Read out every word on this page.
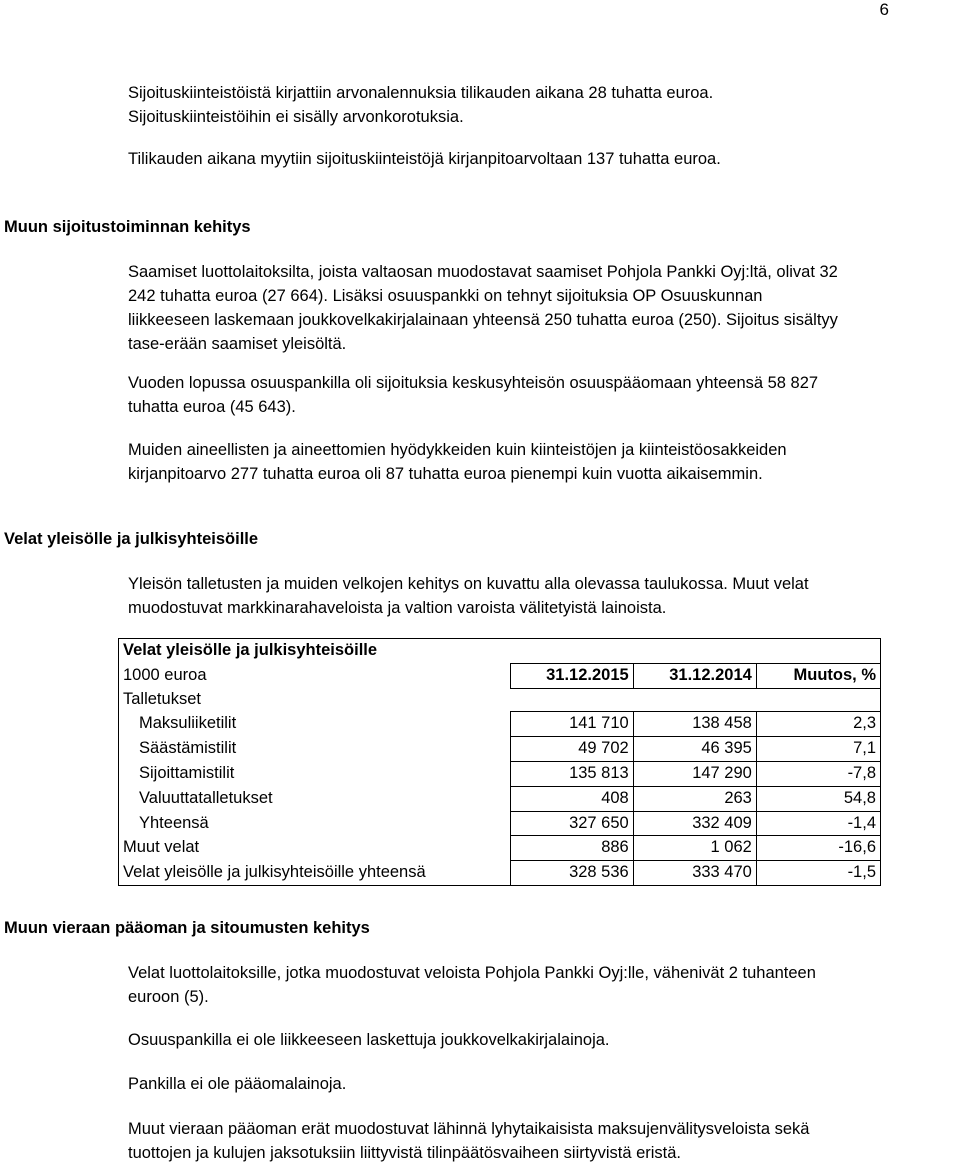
6

Sijoituskiinteistöistä kirjattiin arvonalennuksia tilikauden aikana 28 tuhatta euroa.
Sijoituskiinteistöihin ei sisälly arvonkorotuksia.

Tilikauden aikana myytiin sijoituskiinteistöjä kirjanpitoarvoltaan 137 tuhatta euroa.

Muun sijoitustoiminnan kehitys

Saamiset luottolaitoksilta, joista valtaosan muodostavat saamiset Pohjola Pankki Oyj:ltä, olivat 32
242 tuhatta euroa (27 664). Lisäksi osuuspankki on tehnyt sijoituksia OP Osuuskunnan
liikkeeseen laskemaan joukkovelkakirjalainaan yhteensä 250 tuhatta euroa (250). Sijoitus sisältyy
tase-erään saamiset yleisöltä.

Vuoden lopussa osuuspankilla oli sijoituksia keskusyhteisön osuuspääomaan yhteensä 58 827
tuhatta euroa (45 643).

Muiden aineellisten ja aineettomien hyödykkeiden kuin kiinteistöjen ja kiinteistöosakkeiden
kirjanpitoarvo 277 tuhatta euroa oli 87 tuhatta euroa pienempi kuin vuotta aikaisemmin.

Velat yleisölle ja julkisyhteisöille

Yleisön talletusten ja muiden velkojen kehitys on kuvattu alla olevassa taulukossa. Muut velat
muodostuvat markkinarahaveloista ja valtion varoista välitetyistä lainoista.

Velat yleisölle ja julkisyhteisöille			
1000 euroa	31.12.2015	31.12.2014	Muutos, %
Talletukset			
Maksuliiketilit	141 710	138 458	2,3
Säästämistilit	49 702	46 395	7,1
Sijoittamistilit	135 813	147 290	-7,8
Valuuttatalletukset	408	263	54,8
Yhteensä	327 650	332 409	-1,4
Muut velat	886	1 062	-16,6
Velat yleisölle ja julkisyhteisöille yhteensä	328 536	333 470	-1,5
Muun vieraan pääoman ja sitoumusten kehitys

Velat luottolaitoksille, jotka muodostuvat veloista Pohjola Pankki Oyj:lle, vähenivät 2 tuhanteen
euroon (5).

Osuuspankilla ei ole liikkeeseen laskettuja joukkovelkakirjalainoja.

Pankilla ei ole pääomalainoja.

Muut vieraan pääoman erät muodostuvat lähinnä lyhytaikaisista maksujenvälitysveloista sekä
tuottojen ja kulujen jaksotuksiin liittyvistä tilinpäätösvaiheen siirtyvistä eristä.
